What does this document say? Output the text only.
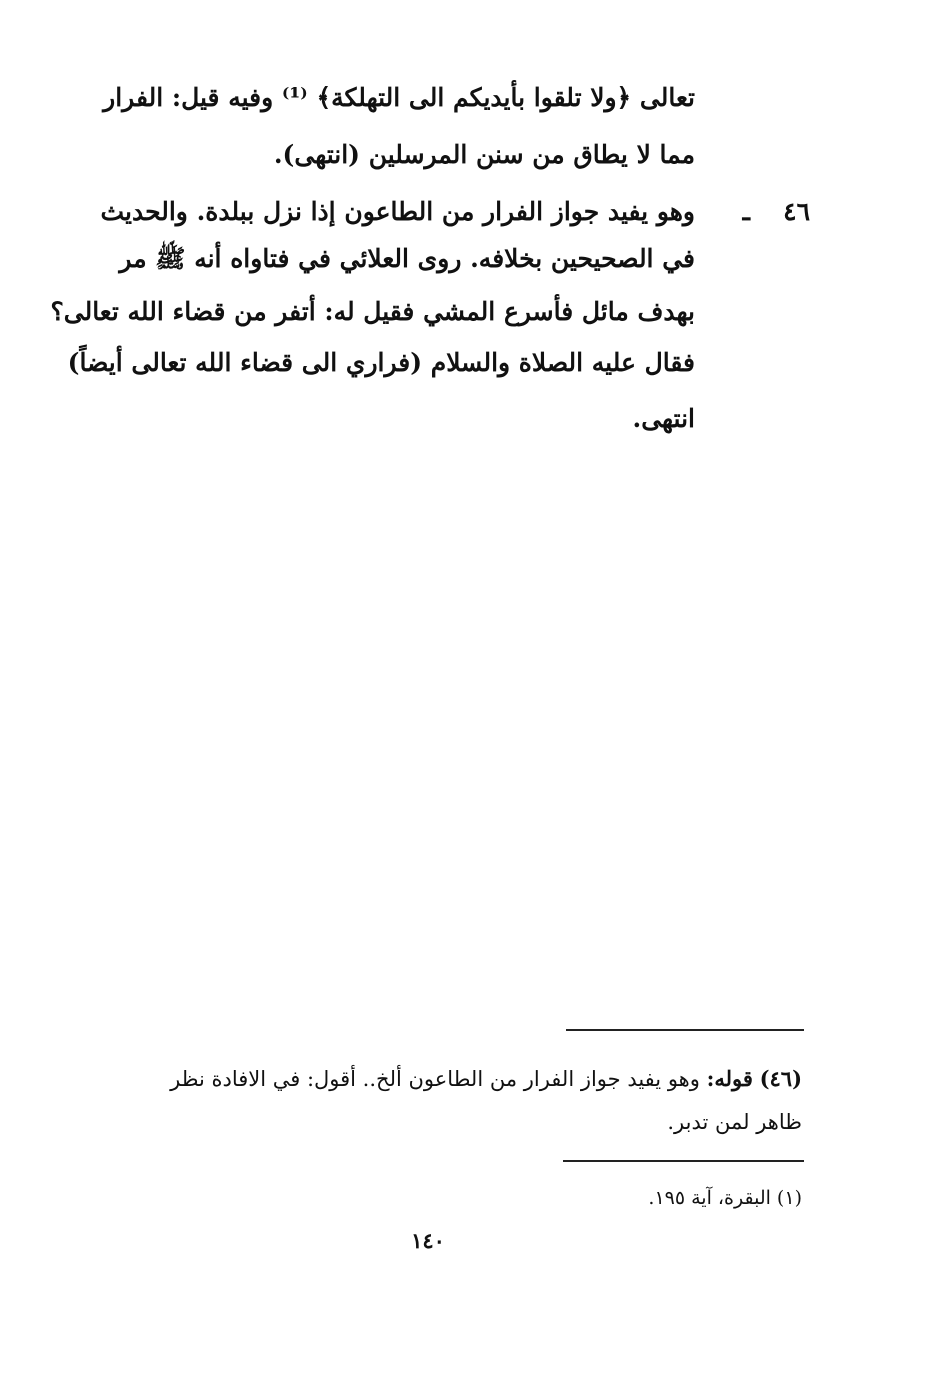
تعالى ﴿ولا تلقوا بأيديكم الى التهلكة﴾ ⁽¹⁾ وفيه قيل: الفرار
مما لا يطاق من سنن المرسلين (انتهى).
٤٦
ـ
وهو يفيد جواز الفرار من الطاعون إذا نزل ببلدة. والحديث
في الصحيحين بخلافه. روى العلائي في فتاواه أنه ﷺ مر
بهدف مائل فأسرع المشي فقيل له: أتفر من قضاء الله تعالى؟
فقال عليه الصلاة والسلام (فراري الى قضاء الله تعالى أيضاً)
انتهى.
(٤٦) قوله: وهو يفيد جواز الفرار من الطاعون ألخ.. أقول: في الافادة نظر
ظاهر لمن تدبر.
(١) البقرة، آية ١٩٥.
١٤٠
